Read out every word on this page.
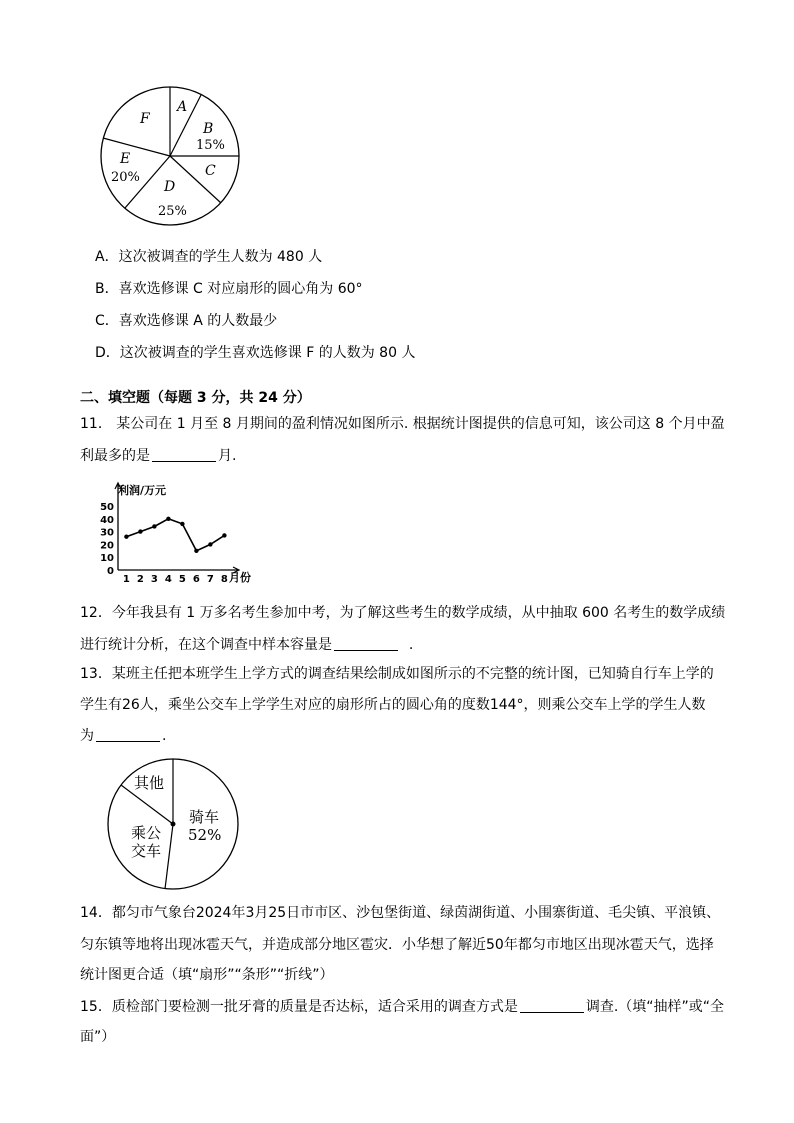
A
B
15%
C
D
25%
E
20%
F
A．这次被调查的学生人数为 480 人
B．喜欢选修课 C 对应扇形的圆心角为 60°
C．喜欢选修课 A 的人数最少
D．这次被调查的学生喜欢选修课 F 的人数为 80 人
二、填空题（每题 3 分，共 24 分）
11． 某公司在 1 月至 8 月期间的盈利情况如图所示. 根据统计图提供的信息可知，该公司这 8 个月中盈
利最多的是	月.
利润/万元
月份
0
10
20
30
40
50
1 2 3 4 5 6 7 8
12．今年我县有 1 万多名考生参加中考，为了解这些考生的数学成绩，从中抽取 600 名考生的数学成绩
进行统计分析，在这个调查中样本容量是	.
13．某班主任把本班学生上学方式的调查结果绘制成如图所示的不完整的统计图，已知骑自行车上学的
学生有26人，乘坐公交车上学学生对应的扇形所占的圆心角的度数144°，则乘公交车上学的学生人数
为	.
其他
骑车
52%
乘公
交车
14．都匀市气象台2024年3月25日市市区、沙包堡街道、绿茵湖街道、小围寨街道、毛尖镇、平浪镇、
匀东镇等地将出现冰雹天气，并造成部分地区雹灾．小华想了解近50年都匀市地区出现冰雹天气，选择
统计图更合适（填“扇形”“条形”“折线”）
15．质检部门要检测一批牙膏的质量是否达标，适合采用的调查方式是	调查.（填“抽样”或“全
面”）
